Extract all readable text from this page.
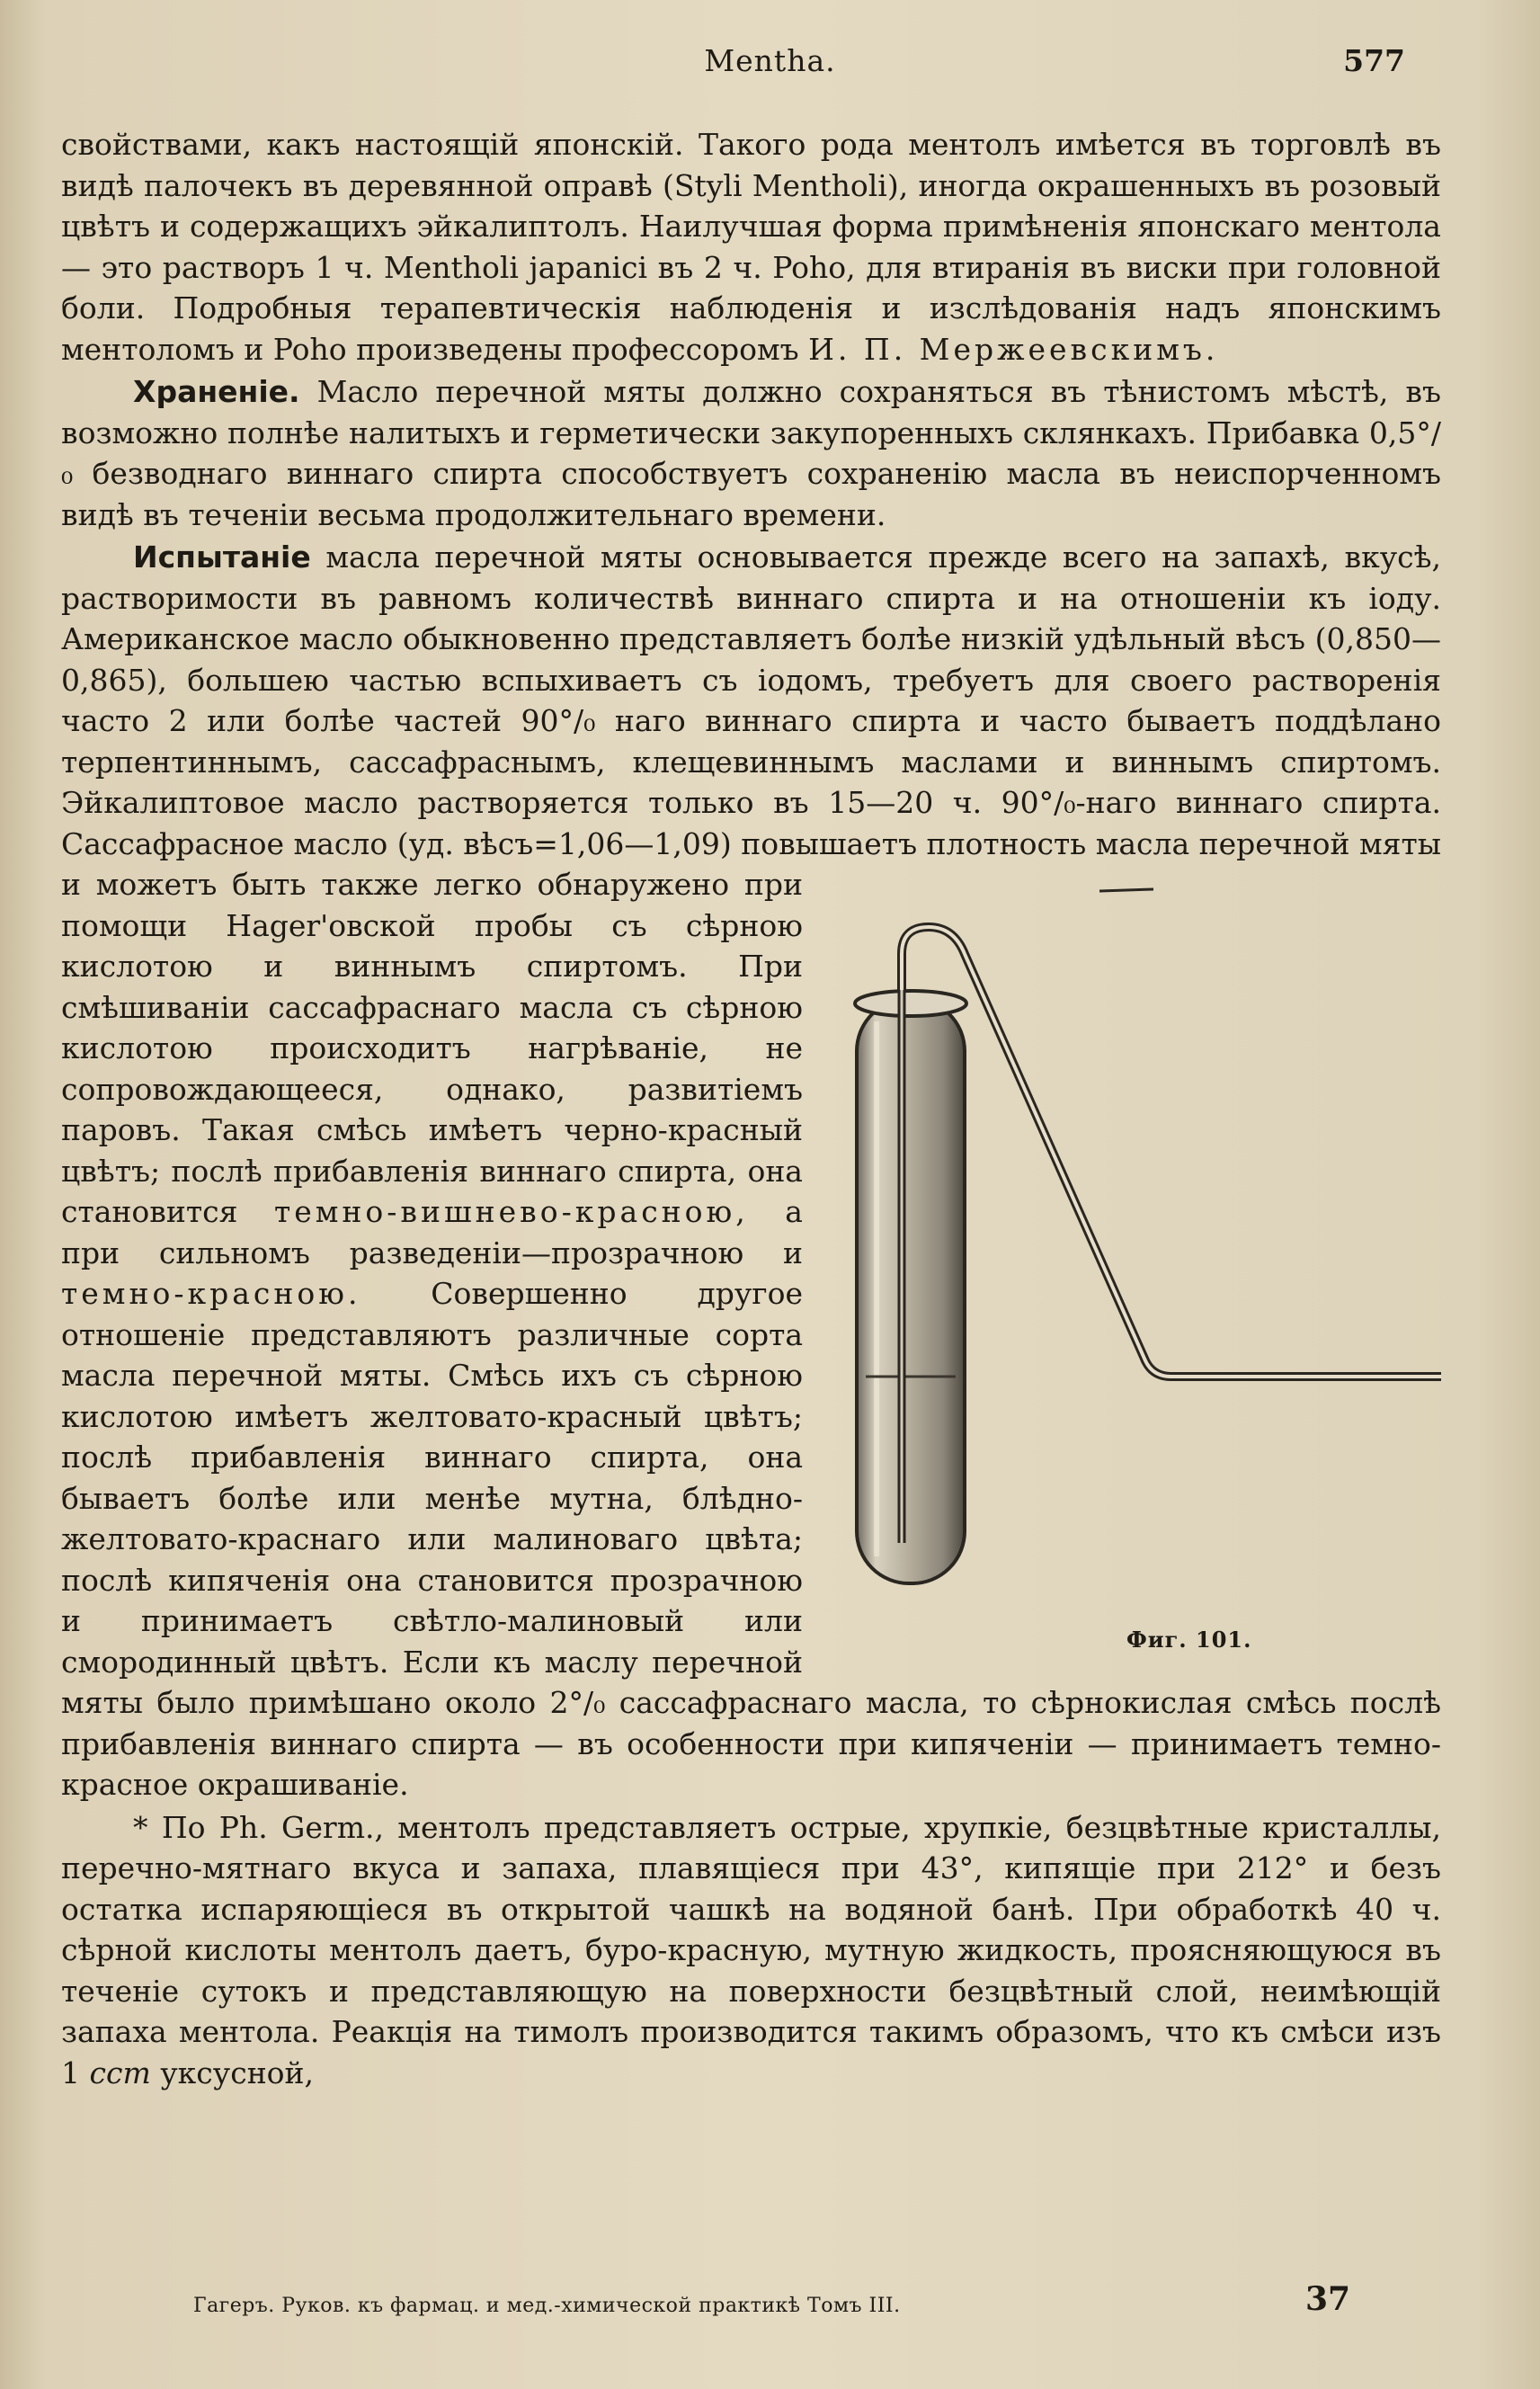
Mentha.	577

свойствами, какъ настоящій японскій. Такого рода ментолъ имѣется въ торговлѣ въ видѣ палочекъ въ деревянной оправѣ (Styli Mentholi), иногда окрашенныхъ въ розовый цвѣтъ и содержащихъ эйкалиптолъ. Наилучшая форма примѣненія японскаго ментола— это растворъ 1 ч. Mentholi japanici въ 2 ч. Poho, для втиранія въ виски при головной боли. Подробныя терапевтическія наблюденія и изслѣдованія надъ японскимъ ментоломъ и Poho произведены профессоромъ И. П. Мержеевскимъ.

Храненіе. Масло перечной мяты должно сохраняться въ тѣнистомъ мѣстѣ, въ возможно полнѣе налитыхъ и герметически закупоренныхъ склянкахъ. Прибавка 0,5°/₀ безводнаго виннаго спирта способствуетъ сохраненію масла въ неиспорченномъ видѣ въ теченіи весьма продолжительнаго времени.

Испытаніе масла перечной мяты основывается прежде всего на запахѣ, вкусѣ, растворимости въ равномъ количествѣ виннаго спирта и на отношеніи къ іоду. Американское масло обыкновенно представляетъ болѣе низкій удѣльный вѣсъ (0,850—0,865), большею частью вспыхиваетъ съ іодомъ, требуетъ для своего растворенія часто 2 или болѣе частей 90°/₀ наго виннаго спирта и часто бываетъ поддѣлано терпентиннымъ, сассафраснымъ, клещевиннымъ маслами и виннымъ спиртомъ. Эйкалиптовое масло растворяется только въ 15—20 ч. 90°/₀-наго виннаго спирта. Сассафрасное масло (уд. вѣсъ=1,06—1,09) повышаетъ плотность масла перечной мяты
Фиг. 101.
и можетъ быть также легко обнаружено при помощи Hager'овской пробы съ сѣрною кислотою и виннымъ спиртомъ. При смѣшиваніи сассафраснаго масла съ сѣрною кислотою происходитъ нагрѣваніе, не сопровождающееся, однако, развитіемъ паровъ. Такая смѣсь имѣетъ черно-красный цвѣтъ; послѣ прибавленія виннаго спирта, она становится темно-вишнево-красною, а при сильномъ разведеніи—прозрачною и темно-красною. Совершенно другое отношеніе представляютъ различные сорта масла перечной мяты. Смѣсь ихъ съ сѣрною кислотою имѣетъ желтовато-красный цвѣтъ; послѣ прибавленія виннаго спирта, она бываетъ болѣе или менѣе мутна, блѣдно-желтовато-краснаго или малиноваго цвѣта; послѣ кипяченія она становится прозрачною и принимаетъ свѣтло-малиновый или смородинный цвѣтъ. Если къ маслу перечной мяты было примѣшано около 2°/₀ сассафраснаго масла, то сѣрнокислая смѣсь послѣ прибавленія виннаго спирта — въ особенности при кипяченіи — принимаетъ темно-красное окрашиваніе.

* По Ph. Germ., ментолъ представляетъ острые, хрупкіе, безцвѣтные кристаллы, перечно-мятнаго вкуса и запаха, плавящіеся при 43°, кипящіе при 212° и безъ остатка испаряющіеся въ открытой чашкѣ на водяной банѣ. При обработкѣ 40 ч. сѣрной кислоты ментолъ даетъ, буро-красную, мутную жидкость, проясняющуюся въ теченіе сутокъ и представляющую на поверхности безцвѣтный слой, неимѣющій запаха ментола. Реакція на тимолъ производится такимъ образомъ, что къ смѣси изъ 1 ccm уксусной,

Гагеръ. Руков. къ фармац. и мед.-химической практикѣ Томъ III.	37
